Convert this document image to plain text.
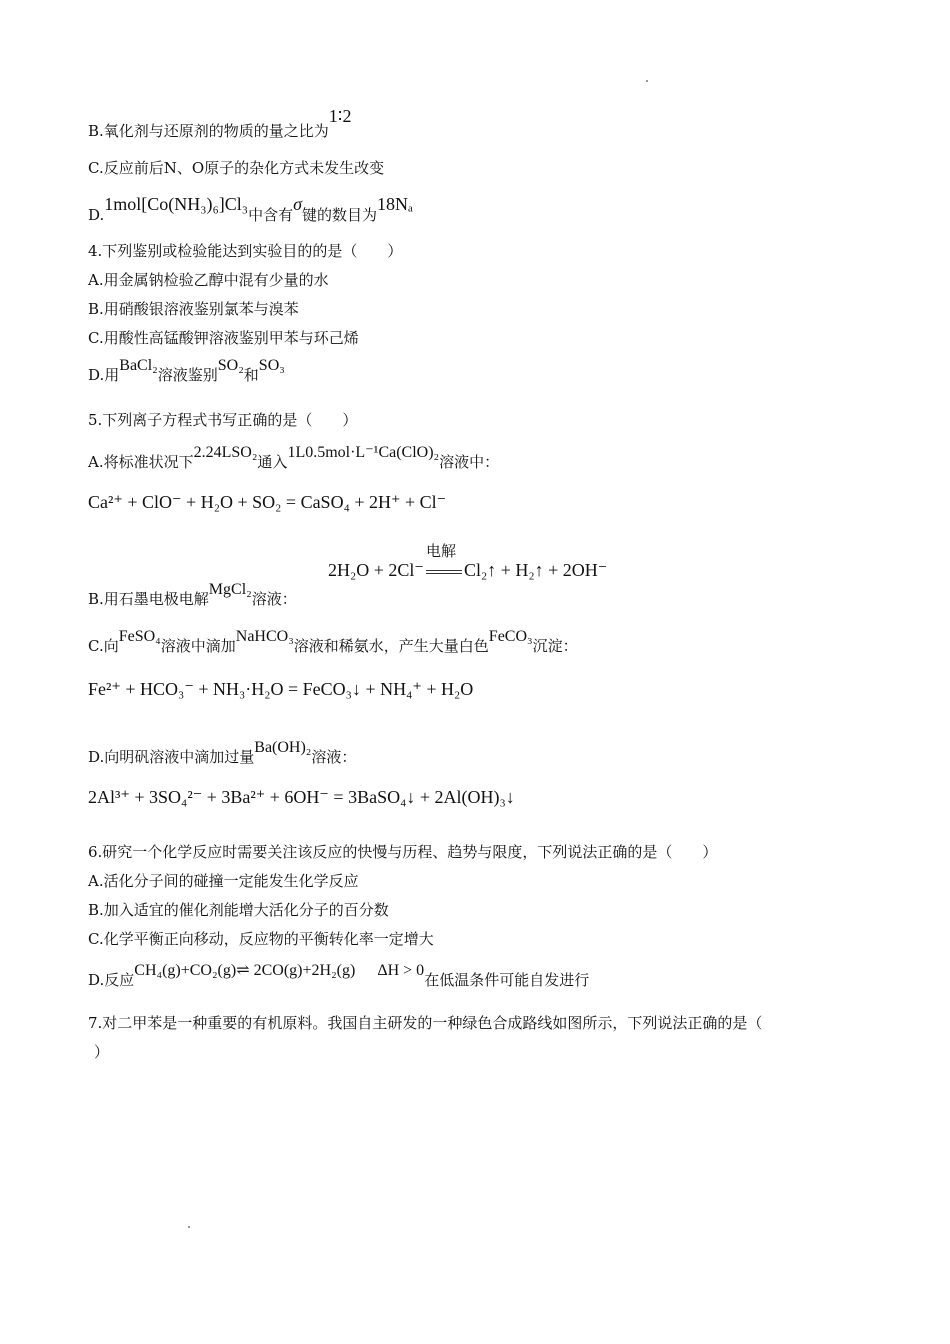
B.氧化剂与还原剂的物质的量之比为1∶2
C.反应前后N、O原子的杂化方式未发生改变
D.1mol[Co(NH₃)₆]Cl₃中含有σ键的数目为18Nₐ
4.下列鉴别或检验能达到实验目的的是（　　）
A.用金属钠检验乙醇中混有少量的水
B.用硝酸银溶液鉴别氯苯与溴苯
C.用酸性高锰酸钾溶液鉴别甲苯与环己烯
D.用BaCl₂溶液鉴别SO₂和SO₃
5.下列离子方程式书写正确的是（　　）
A.将标准状况下2.24LSO₂通入1L0.5mol·L⁻¹Ca(ClO)₂溶液中：
Ca²⁺ + ClO⁻ + H₂O + SO₂ = CaSO₄ + 2H⁺ + Cl⁻
2H₂O + 2Cl⁻
电解
Cl₂↑ + H₂↑ + 2OH⁻
B.用石墨电极电解MgCl₂溶液：
C.向FeSO₄溶液中滴加NaHCO₃溶液和稀氨水，产生大量白色FeCO₃沉淀：
Fe²⁺ + HCO₃⁻ + NH₃·H₂O = FeCO₃↓ + NH₄⁺ + H₂O
D.向明矾溶液中滴加过量Ba(OH)₂溶液：
2Al³⁺ + 3SO₄²⁻ + 3Ba²⁺ + 6OH⁻ = 3BaSO₄↓ + 2Al(OH)₃↓
6.研究一个化学反应时需要关注该反应的快慢与历程、趋势与限度，下列说法正确的是（　　）
A.活化分子间的碰撞一定能发生化学反应
B.加入适宜的催化剂能增大活化分子的百分数
C.化学平衡正向移动，反应物的平衡转化率一定增大
D.反应CH₄(g)+CO₂(g)⇌ 2CO(g)+2H₂(g) ΔH > 0在低温条件可能自发进行
7.对二甲苯是一种重要的有机原料。我国自主研发的一种绿色合成路线如图所示，下列说法正确的是（
）
